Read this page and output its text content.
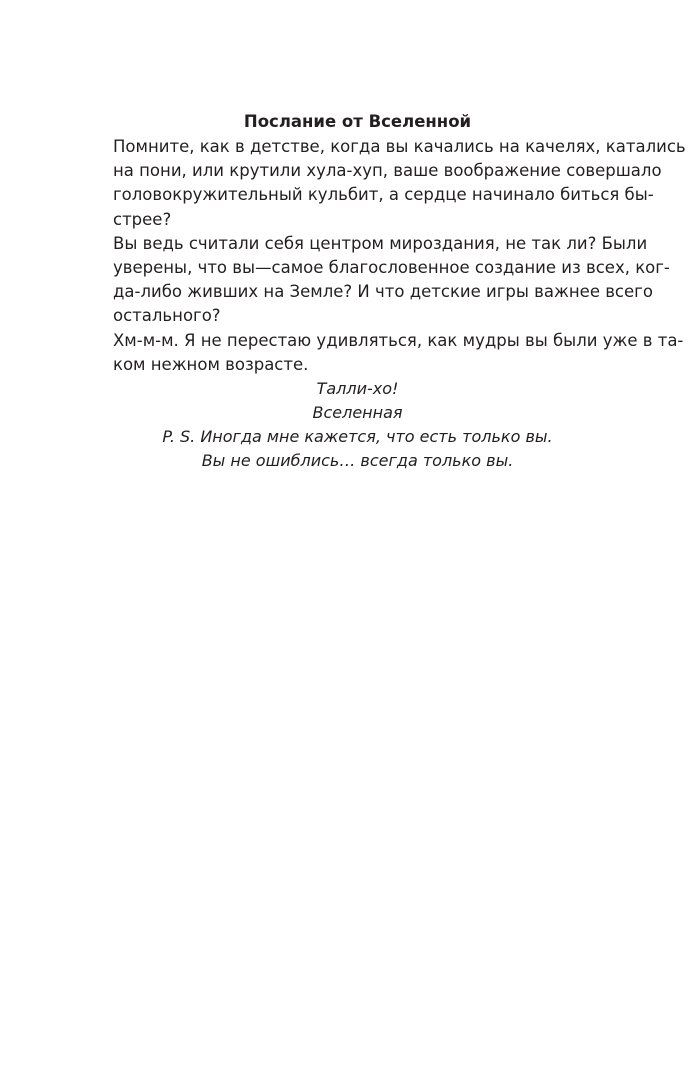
Послание от Вселенной
Помните, как в детстве, когда вы качались на качелях, катались
на пони, или крутили хула-хуп, ваше воображение совершало
головокружительный кульбит, а сердце начинало биться бы-
стрее?
Вы ведь считали себя центром мироздания, не так ли? Были
уверены, что вы—самое благословенное создание из всех, ког-
да-либо живших на Земле? И что детские игры важнее всего
остального?
Хм-м-м. Я не перестаю удивляться, как мудры вы были уже в та-
ком нежном возрасте.
Талли-хо!
Вселенная
P. S. Иногда мне кажется, что есть только вы.
Вы не ошиблись… всегда только вы.
